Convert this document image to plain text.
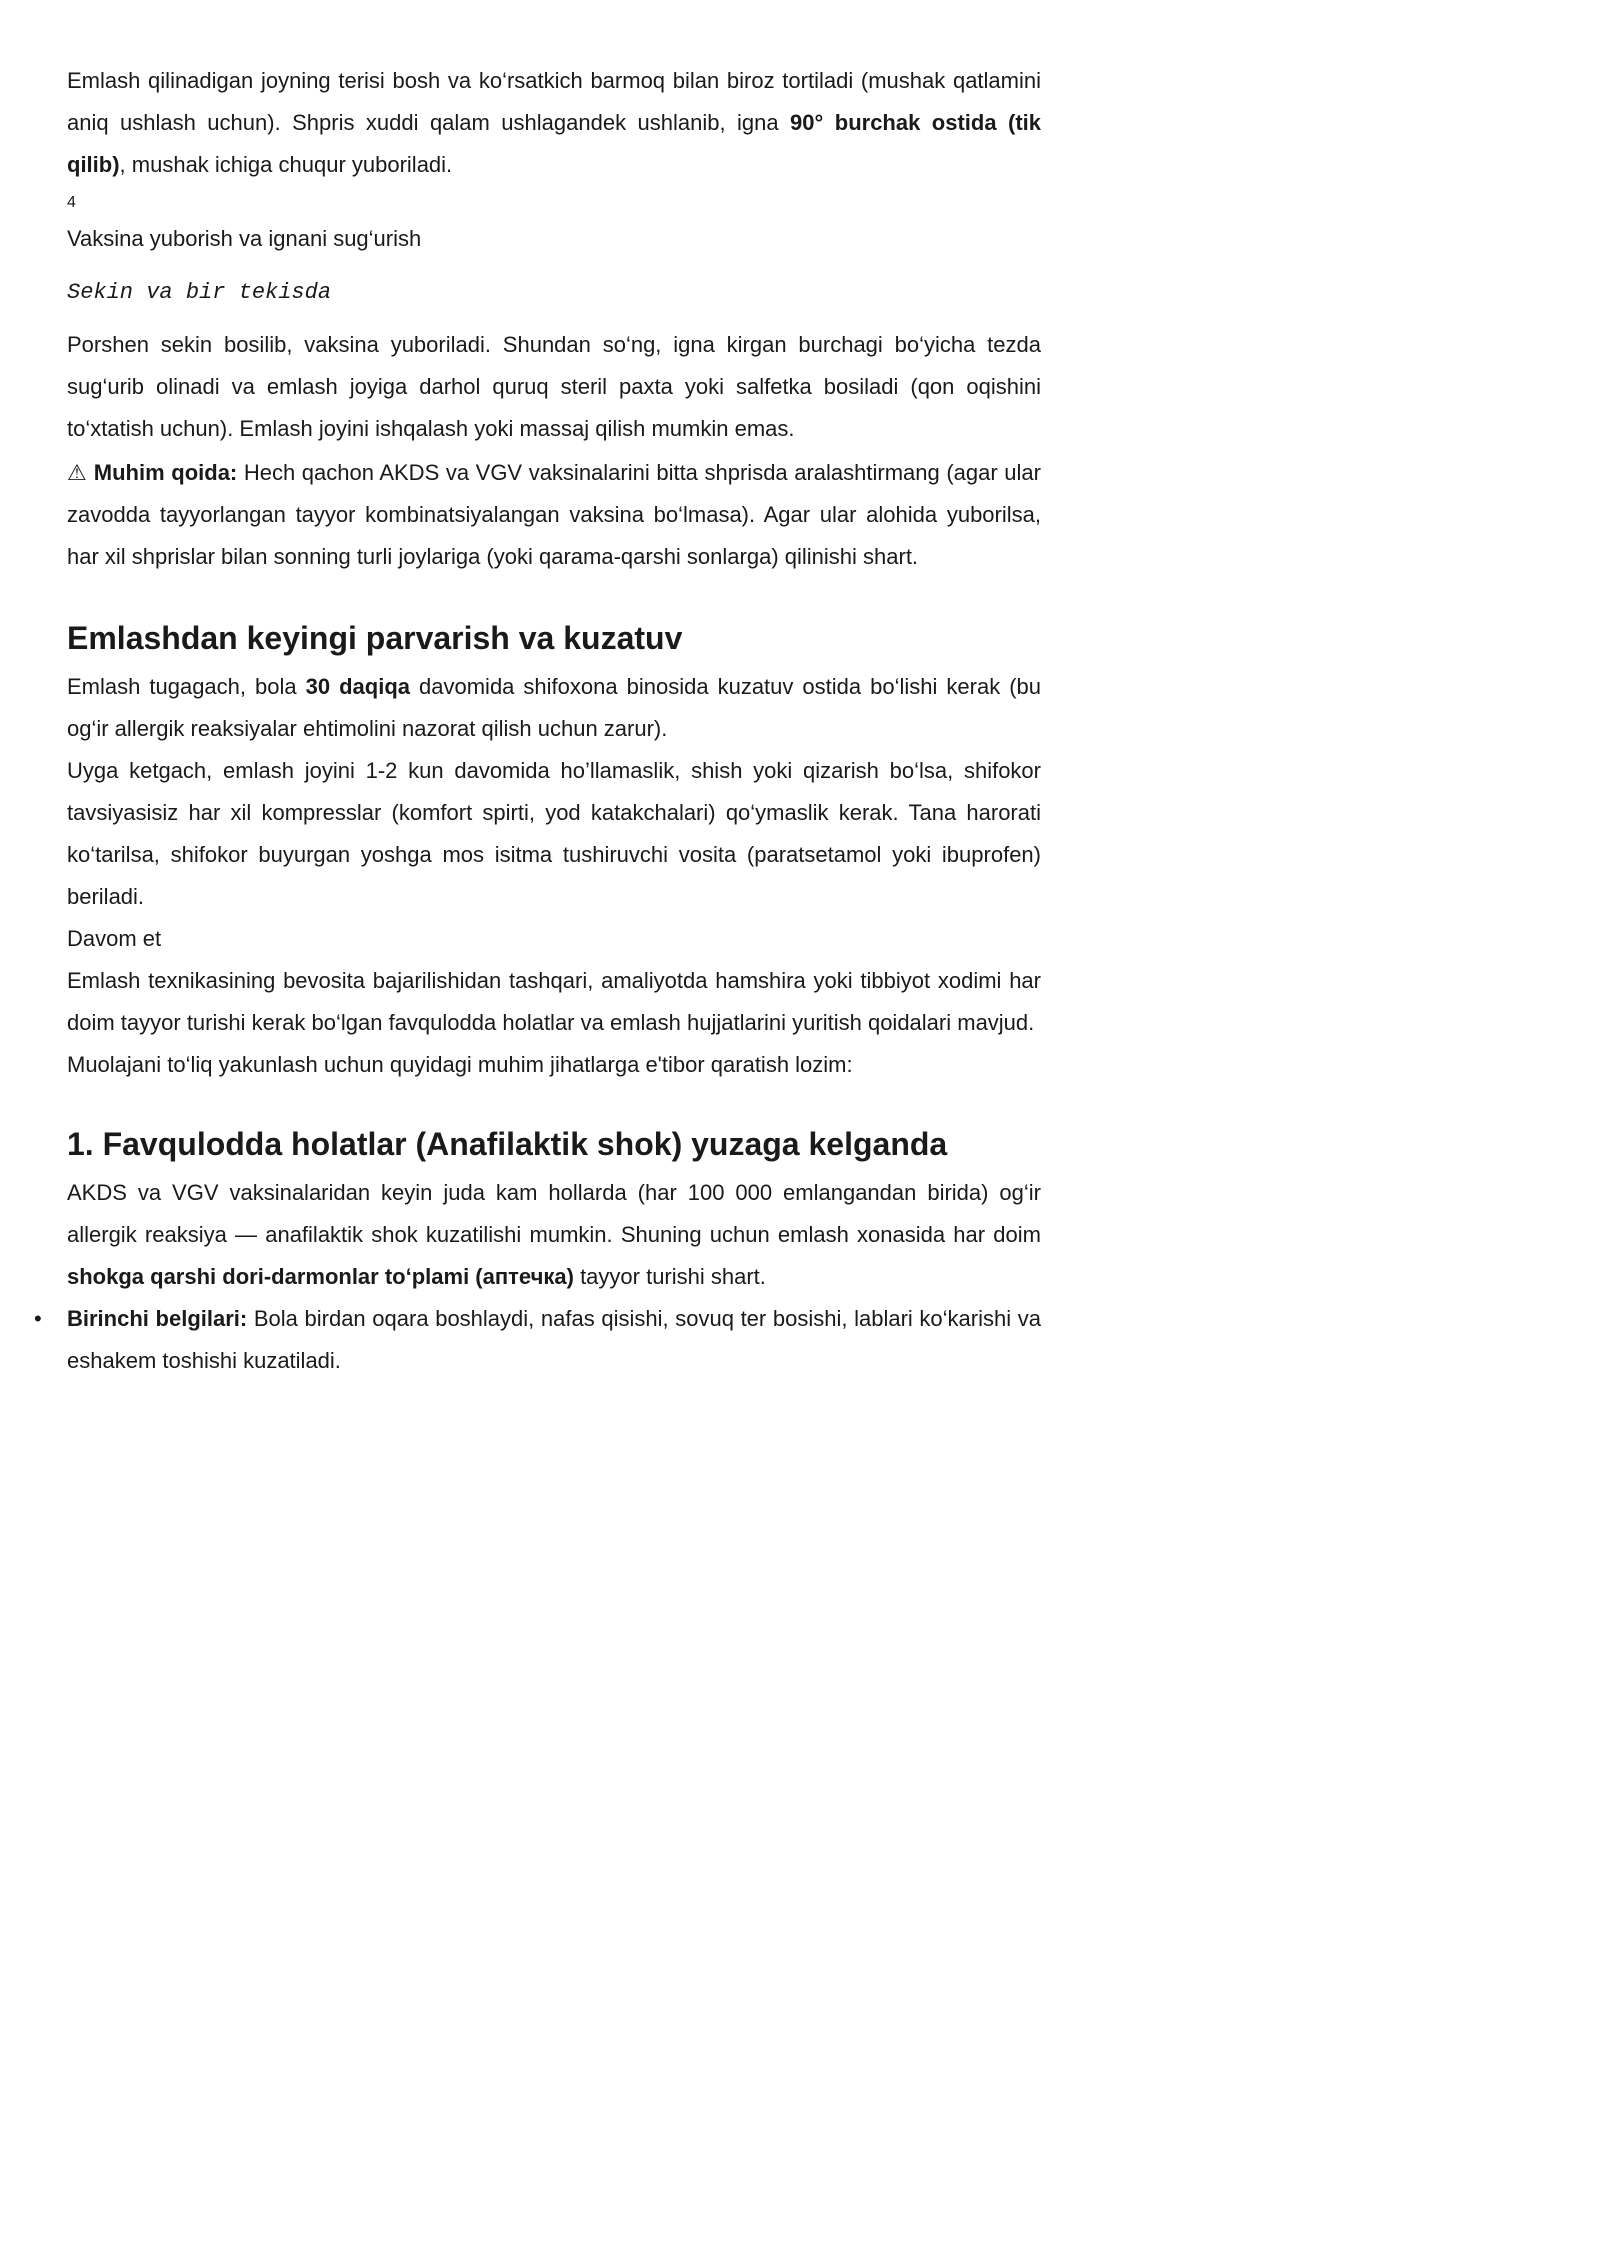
Emlash qilinadigan joyning terisi bosh va ko‘rsatkich barmoq bilan biroz tortiladi (mushak qatlamini aniq ushlash uchun). Shpris xuddi qalam ushlagandek ushlanib, igna 90° burchak ostida (tik qilib), mushak ichiga chuqur yuboriladi.

4

Vaksina yuborish va ignani sug‘urish

Sekin va bir tekisda

Porshen sekin bosilib, vaksina yuboriladi. Shundan so‘ng, igna kirgan burchagi bo‘yicha tezda sug‘urib olinadi va emlash joyiga darhol quruq steril paxta yoki salfetka bosiladi (qon oqishini to‘xtatish uchun). Emlash joyini ishqalash yoki massaj qilish mumkin emas.

⚠ Muhim qoida: Hech qachon AKDS va VGV vaksinalarini bitta shprisda aralashtirmang (agar ular zavodda tayyorlangan tayyor kombinatsiyalangan vaksina bo‘lmasa). Agar ular alohida yuborilsa, har xil shprislar bilan sonning turli joylariga (yoki qarama-qarshi sonlarga) qilinishi shart.

Emlashdan keyingi parvarish va kuzatuv

Emlash tugagach, bola 30 daqiqa davomida shifoxona binosida kuzatuv ostida bo‘lishi kerak (bu og‘ir allergik reaksiyalar ehtimolini nazorat qilish uchun zarur).

Uyga ketgach, emlash joyini 1-2 kun davomida ho’llamaslik, shish yoki qizarish bo‘lsa, shifokor tavsiyasisiz har xil kompresslar (komfort spirti, yod katakchalari) qo‘ymaslik kerak. Tana harorati ko‘tarilsa, shifokor buyurgan yoshga mos isitma tushiruvchi vosita (paratsetamol yoki ibuprofen) beriladi.

Davom et

Emlash texnikasining bevosita bajarilishidan tashqari, amaliyotda hamshira yoki tibbiyot xodimi har doim tayyor turishi kerak bo‘lgan favqulodda holatlar va emlash hujjatlarini yuritish qoidalari mavjud.

Muolajani to‘liq yakunlash uchun quyidagi muhim jihatlarga e'tibor qaratish lozim:

1. Favqulodda holatlar (Anafilaktik shok) yuzaga kelganda

AKDS va VGV vaksinalaridan keyin juda kam hollarda (har 100 000 emlangandan birida) og‘ir allergik reaksiya — anafilaktik shok kuzatilishi mumkin. Shuning uchun emlash xonasida har doim shokga qarshi dori-darmonlar to‘plami (аптечка) tayyor turishi shart.

• Birinchi belgilari: Bola birdan oqara boshlaydi, nafas qisishi, sovuq ter bosishi, lablari ko‘karishi va eshakem toshishi kuzatiladi.
